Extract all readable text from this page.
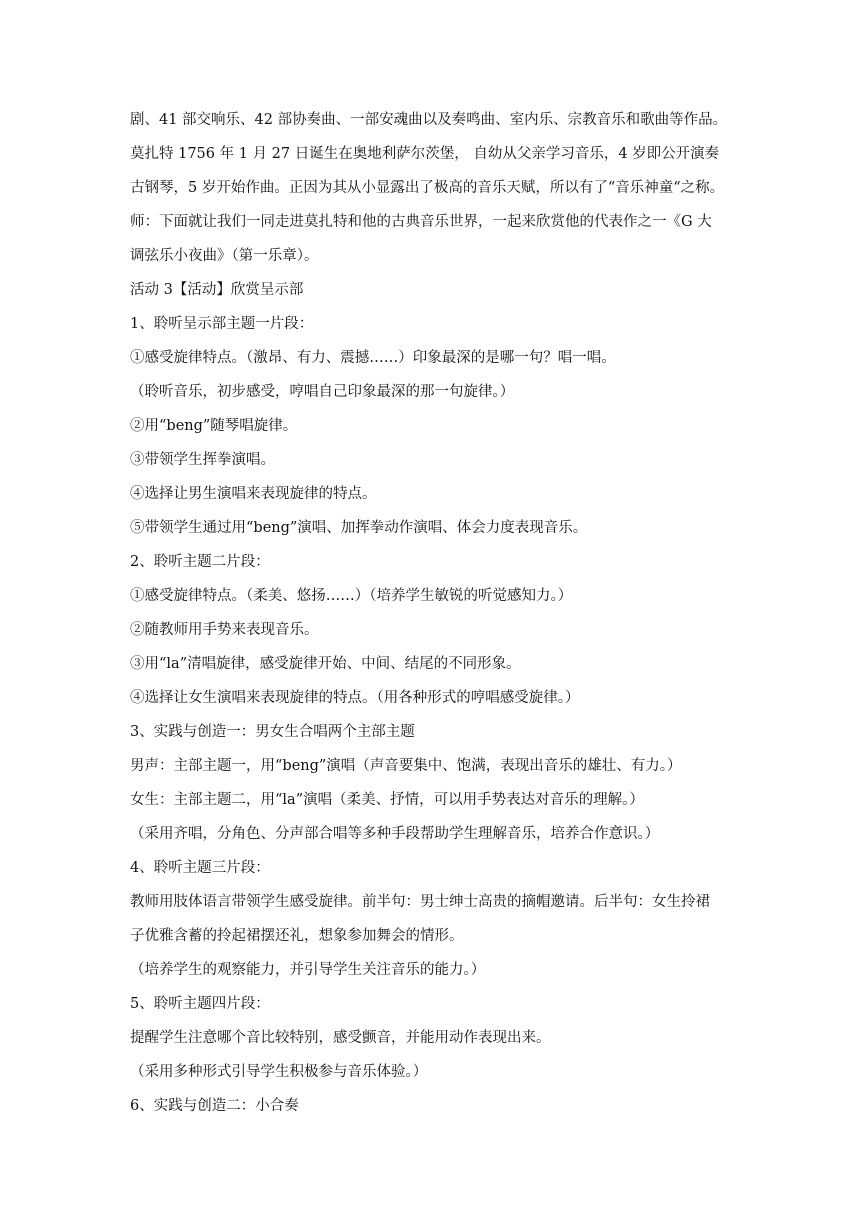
剧、41 部交响乐、42 部协奏曲、一部安魂曲以及奏鸣曲、室内乐、宗教音乐和歌曲等作品。
莫扎特 1756 年 1 月 27 日诞生在奥地利萨尔茨堡， 自幼从父亲学习音乐，4 岁即公开演奏
古钢琴，5 岁开始作曲。正因为其从小显露出了极高的音乐天赋，所以有了“音乐神童“之称。
师：下面就让我们一同走进莫扎特和他的古典音乐世界，一起来欣赏他的代表作之一《G 大
调弦乐小夜曲》（第一乐章）。
活动 3【活动】欣赏呈示部
1、聆听呈示部主题一片段：
①感受旋律特点。（激昂、有力、震撼……）印象最深的是哪一句？唱一唱。
（聆听音乐，初步感受，哼唱自己印象最深的那一句旋律。）
②用“beng”随琴唱旋律。
③带领学生挥拳演唱。
④选择让男生演唱来表现旋律的特点。
⑤带领学生通过用“beng”演唱、加挥拳动作演唱、体会力度表现音乐。
2、聆听主题二片段：
①感受旋律特点。（柔美、悠扬……）（培养学生敏锐的听觉感知力。）
②随教师用手势来表现音乐。
③用“la”清唱旋律，感受旋律开始、中间、结尾的不同形象。
④选择让女生演唱来表现旋律的特点。（用各种形式的哼唱感受旋律。）
3、实践与创造一：男女生合唱两个主部主题
男声：主部主题一，用“beng”演唱（声音要集中、饱满，表现出音乐的雄壮、有力。）
女生：主部主题二，用“la”演唱（柔美、抒情，可以用手势表达对音乐的理解。）
（采用齐唱，分角色、分声部合唱等多种手段帮助学生理解音乐，培养合作意识。）
4、聆听主题三片段：
教师用肢体语言带领学生感受旋律。前半句：男士绅士高贵的摘帽邀请。后半句：女生拎裙
子优雅含蓄的拎起裙摆还礼，想象参加舞会的情形。
（培养学生的观察能力，并引导学生关注音乐的能力。）
5、聆听主题四片段：
提醒学生注意哪个音比较特别，感受颤音，并能用动作表现出来。
（采用多种形式引导学生积极参与音乐体验。）
6、实践与创造二：小合奏
